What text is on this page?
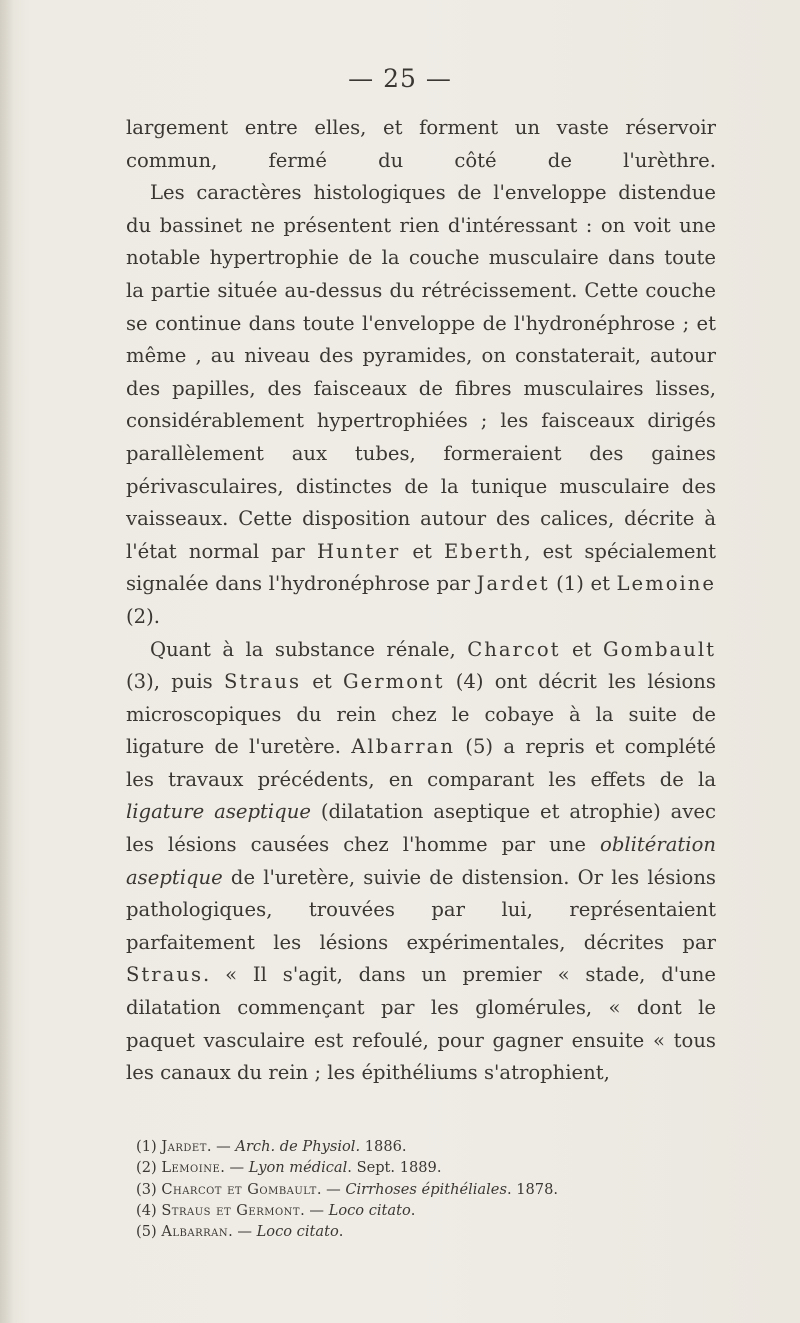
— 25 —

largement entre elles, et forment un vaste réservoir commun, fermé du côté de l'urèthre.

Les caractères histologiques de l'enveloppe distendue du bassinet ne présentent rien d'intéressant : on voit une notable hypertrophie de la couche musculaire dans toute la partie située au-dessus du rétrécissement. Cette couche se continue dans toute l'enveloppe de l'hydronéphrose ; et même , au niveau des pyramides, on constaterait, autour des papilles, des faisceaux de fibres musculaires lisses, considérablement hypertrophiées ; les faisceaux dirigés parallèlement aux tubes, formeraient des gaines périvasculaires, distinctes de la tunique musculaire des vaisseaux. Cette disposition autour des calices, décrite à l'état normal par Hunter et Eberth, est spécialement signalée dans l'hydronéphrose par Jardet (1) et Lemoine (2).

Quant à la substance rénale, Charcot et Gombault (3), puis Straus et Germont (4) ont décrit les lésions microscopiques du rein chez le cobaye à la suite de ligature de l'uretère. Albarran (5) a repris et complété les travaux précédents, en comparant les effets de la ligature aseptique (dilatation aseptique et atrophie) avec les lésions causées chez l'homme par une oblitération aseptique de l'uretère, suivie de distension. Or les lésions pathologiques, trouvées par lui, représentaient parfaitement les lésions expérimentales, décrites par Straus. « Il s'agit, dans un premier « stade, d'une dilatation commençant par les glomérules, « dont le paquet vasculaire est refoulé, pour gagner ensuite « tous les canaux du rein ; les épithéliums s'atrophient,

(1) Jardet. — Arch. de Physiol. 1886.
(2) Lemoine. — Lyon médical. Sept. 1889.
(3) Charcot et Gombault. — Cirrhoses épithéliales. 1878.
(4) Straus et Germont. — Loco citato.
(5) Albarran. — Loco citato.
